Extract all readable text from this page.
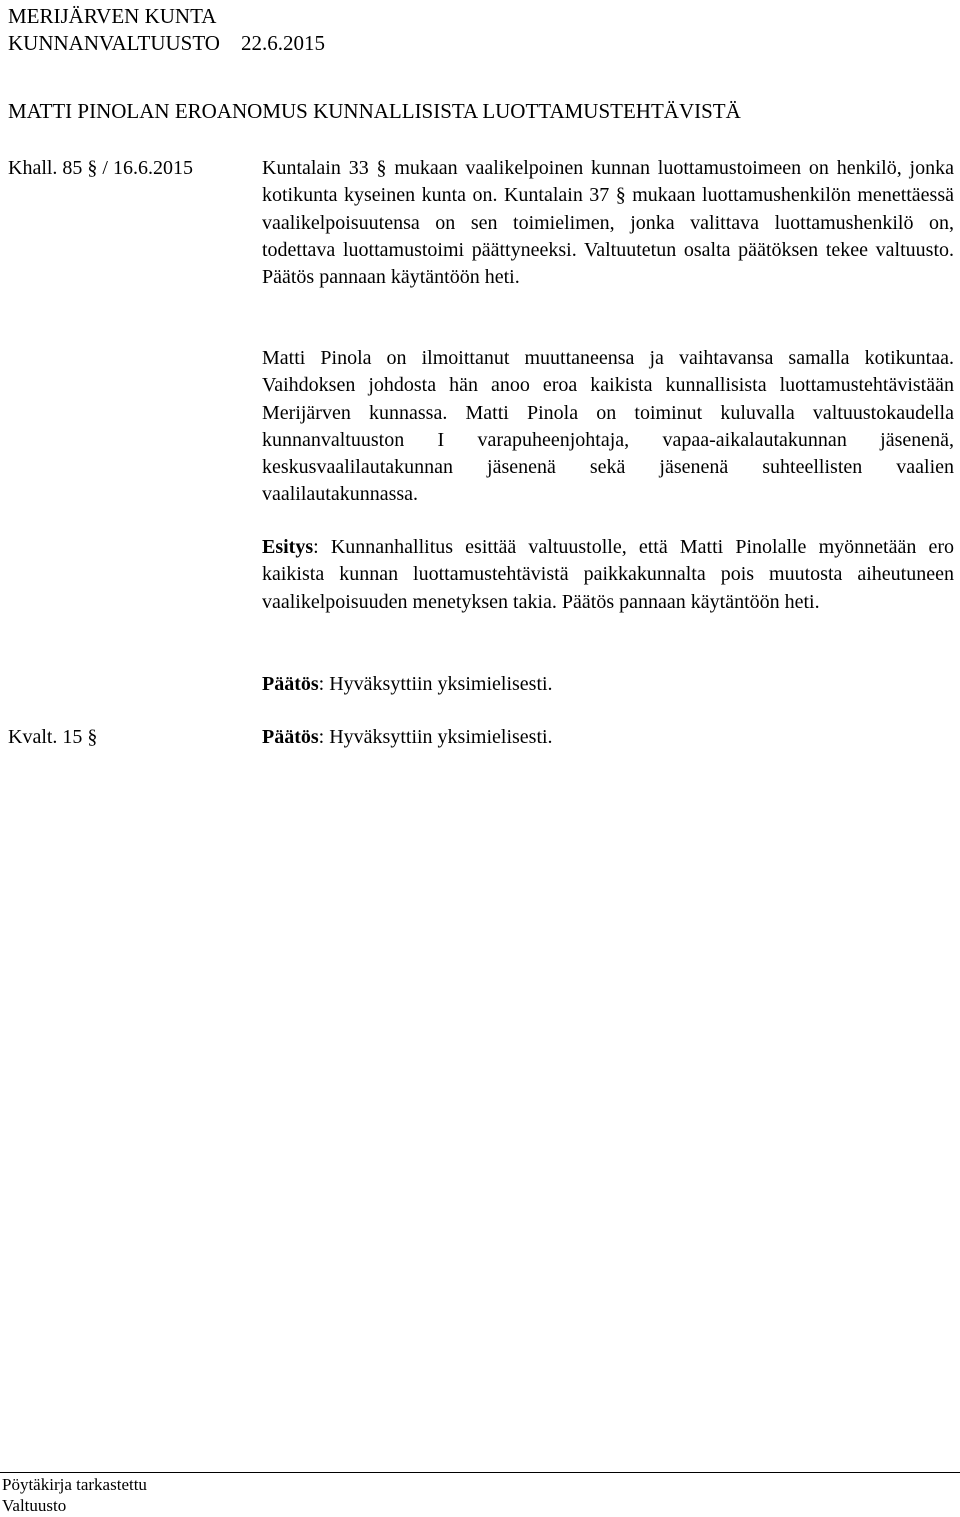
MERIJÄRVEN KUNTA
KUNNANVALTUUSTO 22.6.2015
MATTI PINOLAN EROANOMUS KUNNALLISISTA LUOTTAMUSTEHTÄVISTÄ
Khall. 85 § / 16.6.2015	Kuntalain 33 § mukaan vaalikelpoinen kunnan luottamustoimeen on henkilö, jonka kotikunta kyseinen kunta on. Kuntalain 37 § mukaan luottamushenkilön menettäessä vaalikelpoisuutensa on sen toimielimen, jonka valittava luottamushenkilö on, todettava luottamustoimi päättyneeksi. Valtuutetun osalta päätöksen tekee valtuusto. Päätös pannaan käytäntöön heti.
Matti Pinola on ilmoittanut muuttaneensa ja vaihtavansa samalla kotikuntaa. Vaihdoksen johdosta hän anoo eroa kaikista kunnallisista luottamustehtävistään Merijärven kunnassa. Matti Pinola on toiminut kuluvalla valtuustokaudella kunnanvaltuuston I varapuheenjohtaja, vapaa-aikalautakunnan jäsenenä, keskusvaalilautakunnan jäsenenä sekä jäsenenä suhteellisten vaalien vaalilautakunnassa.
Esitys: Kunnanhallitus esittää valtuustolle, että Matti Pinolalle myönnetään ero kaikista kunnan luottamustehtävistä paikkakunnalta pois muutosta aiheutuneen vaalikelpoisuuden menetyksen takia. Päätös pannaan käytäntöön heti.
Päätös: Hyväksyttiin yksimielisesti.
Kvalt. 15 §	Päätös: Hyväksyttiin yksimielisesti.
Pöytäkirja tarkastettu
Valtuusto
